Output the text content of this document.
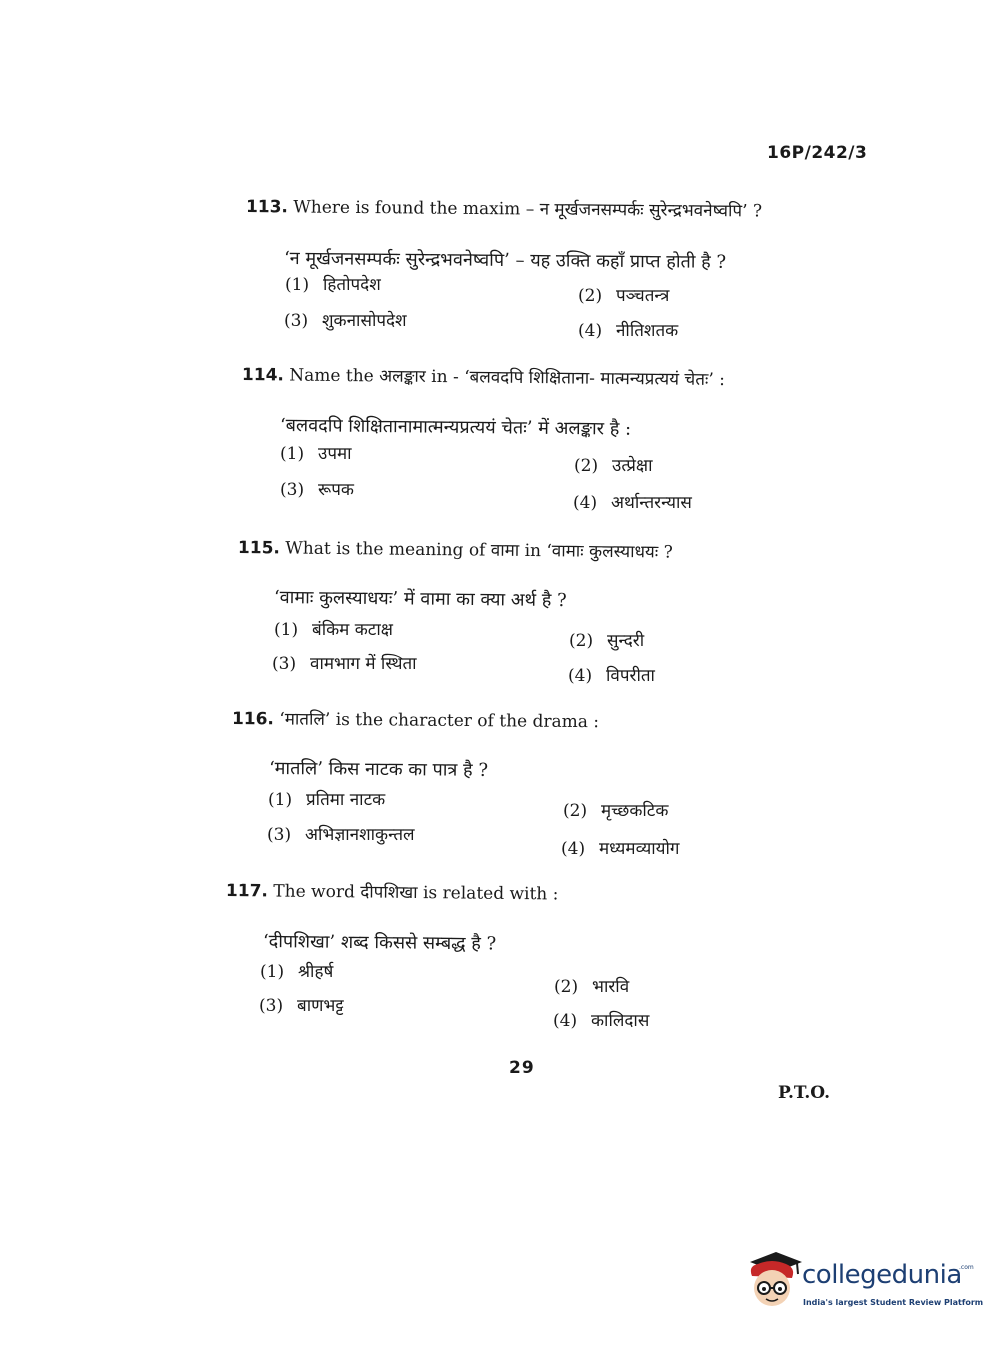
16P/242/3
113. Where is found the maxim – न मूर्खजनसम्पर्कः सुरेन्द्रभवनेष्वपि’ ?
‘न मूर्खजनसम्पर्कः सुरेन्द्रभवनेष्वपि’ – यह उक्ति कहाँ प्राप्त होती है ?
(1) हितोपदेश
(2) पञ्चतन्त्र
(3) शुकनासोपदेश	(4) नीतिशतक
114. Name the अलङ्कार in - ‘बलवदपि शिक्षिताना- मात्मन्यप्रत्ययं चेतः’ :
‘बलवदपि शिक्षितानामात्मन्यप्रत्ययं चेतः’ में अलङ्कार है :
(1) उपमा
(2) उत्प्रेक्षा
(3) रूपक
(4) अर्थान्तरन्यास
115. What is the meaning of वामा in ‘वामाः कुलस्याधयः ?
‘वामाः कुलस्याधयः’ में वामा का क्या अर्थ है ?
(1) बंकिम कटाक्ष
(2) सुन्दरी
(3) वामभाग में स्थिता
(4) विपरीता
116. ‘मातलि’ is the character of the drama :
‘मातलि’ किस नाटक का पात्र है ?
(1) प्रतिमा नाटक
(2) मृच्छकटिक
(3) अभिज्ञानशाकुन्तल
(4) मध्यमव्यायोग
117. The word दीपशिखा is related with :
‘दीपशिखा’ शब्द किससे सम्बद्ध है ?
(1) श्रीहर्ष
(2) भारवि
(3) बाणभट्ट
(4) कालिदास
29
P.T.O.
collegedunia
.com
India's largest Student Review Platform
